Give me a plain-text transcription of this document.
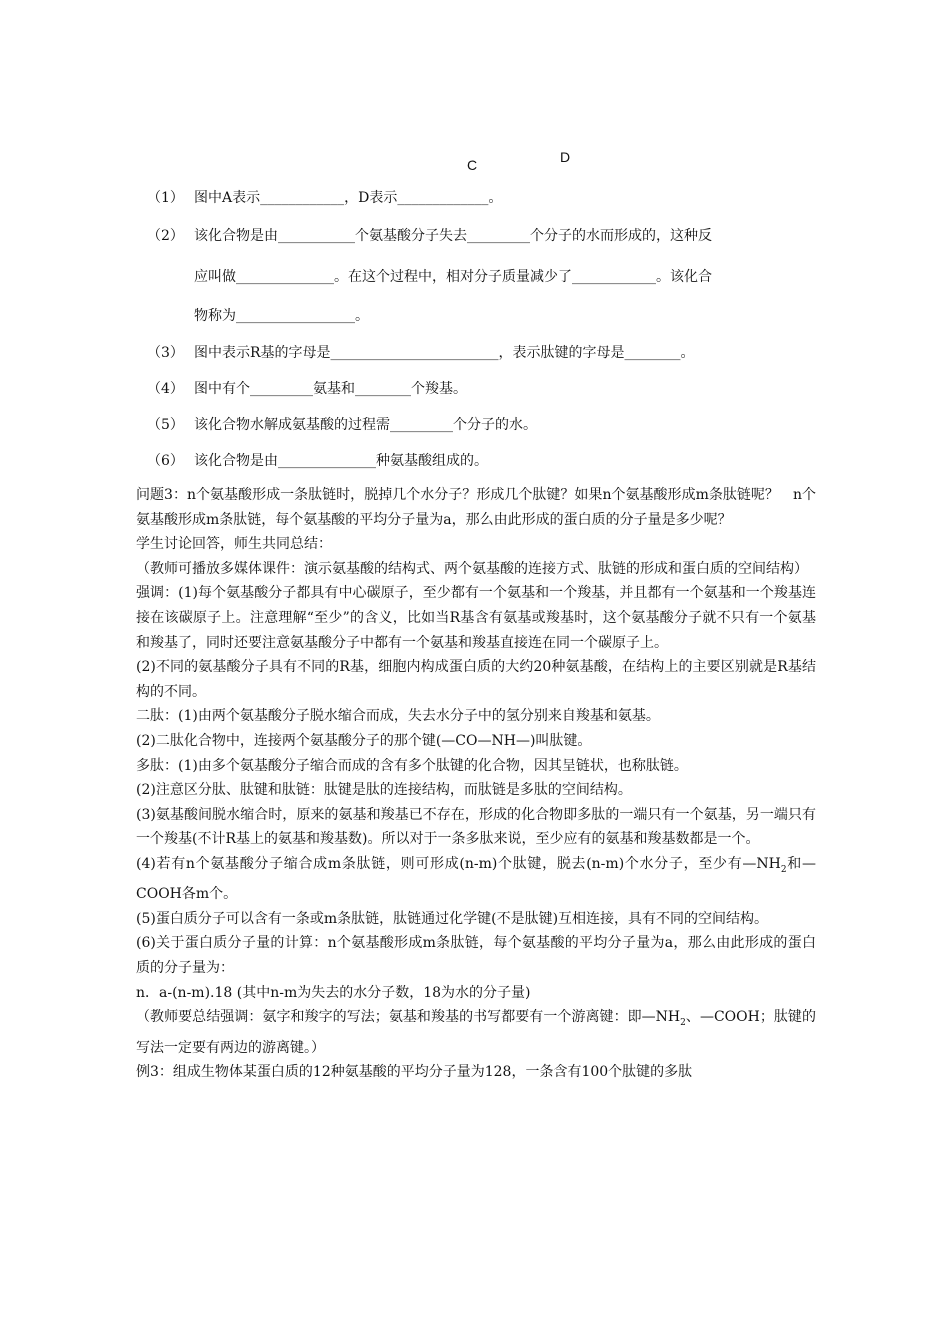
D
C
（1） 图中A表示____________，D表示_____________。
（2） 该化合物是由___________个氨基酸分子失去_________个分子的水而形成的，这种反
应叫做______________。在这个过程中，相对分子质量减少了____________。该化合
物称为_________________。
（3） 图中表示R基的字母是________________________，表示肽键的字母是________。
（4） 图中有个_________氨基和________个羧基。
（5） 该化合物水解成氨基酸的过程需_________个分子的水。
（6） 该化合物是由______________种氨基酸组成的。

问题3：n个氨基酸形成一条肽链时，脱掉几个水分子？形成几个肽键？如果n个氨基酸形成m条肽链呢？　n个氨基酸形成m条肽链，每个氨基酸的平均分子量为a，那么由此形成的蛋白质的分子量是多少呢？

学生讨论回答，师生共同总结：

（教师可播放多媒体课件：演示氨基酸的结构式、两个氨基酸的连接方式、肽链的形成和蛋白质的空间结构）

强调：(1)每个氨基酸分子都具有中心碳原子，至少都有一个氨基和一个羧基，并且都有一个氨基和一个羧基连接在该碳原子上。注意理解“至少”的含义，比如当R基含有氨基或羧基时，这个氨基酸分子就不只有一个氨基和羧基了，同时还要注意氨基酸分子中都有一个氨基和羧基直接连在同一个碳原子上。

(2)不同的氨基酸分子具有不同的R基，细胞内构成蛋白质的大约20种氨基酸，在结构上的主要区别就是R基结构的不同。

二肽：(1)由两个氨基酸分子脱水缩合而成，失去水分子中的氢分别来自羧基和氨基。

(2)二肽化合物中，连接两个氨基酸分子的那个键(—CO—NH—)叫肽键。

多肽：(1)由多个氨基酸分子缩合而成的含有多个肽键的化合物，因其呈链状，也称肽链。

(2)注意区分肽、肽键和肽链：肽键是肽的连接结构，而肽链是多肽的空间结构。

(3)氨基酸间脱水缩合时，原来的氨基和羧基已不存在，形成的化合物即多肽的一端只有一个氨基，另一端只有一个羧基(不计R基上的氨基和羧基数)。所以对于一条多肽来说，至少应有的氨基和羧基数都是一个。

(4)若有n个氨基酸分子缩合成m条肽链，则可形成(n-m)个肽键，脱去(n-m)个水分子，至少有$—NH_2$和—COOH各m个。

(5)蛋白质分子可以含有一条或m条肽链，肽链通过化学键(不是肽键)互相连接，具有不同的空间结构。

(6)关于蛋白质分子量的计算：n个氨基酸形成m条肽链，每个氨基酸的平均分子量为a，那么由此形成的蛋白质的分子量为：

n．a-(n-m).18 (其中n-m为失去的水分子数，18为水的分子量)

（教师要总结强调：氨字和羧字的写法；氨基和羧基的书写都要有一个游离键：即$—NH_2$、—COOH；肽键的写法一定要有两边的游离键。）

例3：组成生物体某蛋白质的12种氨基酸的平均分子量为128，一条含有100个肽键的多肽
